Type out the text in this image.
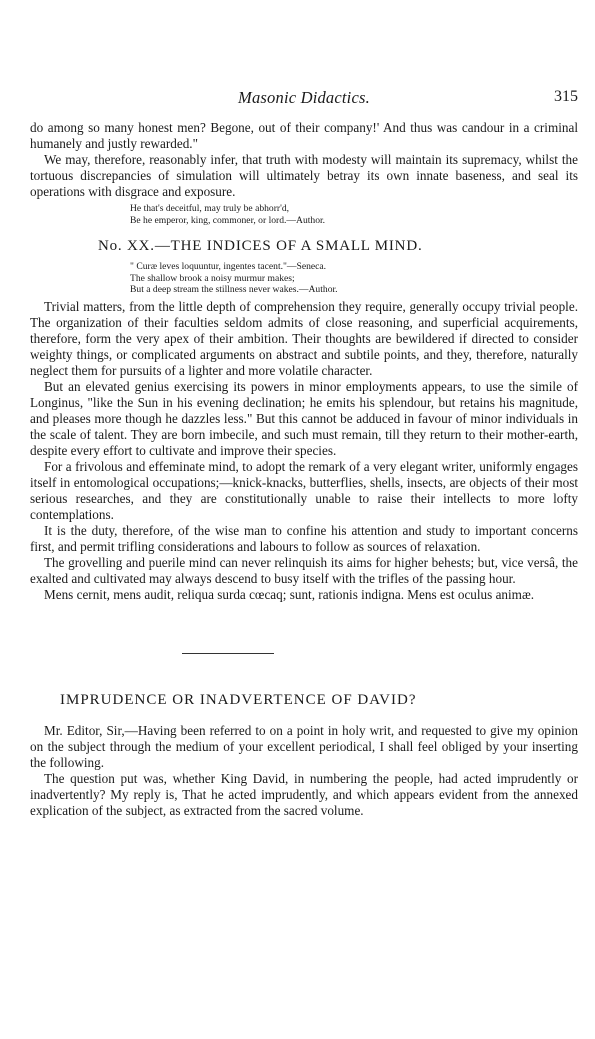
Masonic Didactics.	315

do among so many honest men? Begone, out of their company!' And thus was candour in a criminal humanely and justly rewarded."

We may, therefore, reasonably infer, that truth with modesty will maintain its supremacy, whilst the tortuous discrepancies of simulation will ultimately betray its own innate baseness, and seal its operations with disgrace and exposure.

He that's deceitful, may truly be abhorr'd,
Be he emperor, king, commoner, or lord.—Author.
No. XX.—THE INDICES OF A SMALL MIND.
" Curæ leves loquuntur, ingentes tacent."—Seneca.
The shallow brook a noisy murmur makes;
But a deep stream the stillness never wakes.—Author.

Trivial matters, from the little depth of comprehension they require, generally occupy trivial people. The organization of their faculties seldom admits of close reasoning, and superficial acquirements, therefore, form the very apex of their ambition. Their thoughts are bewildered if directed to consider weighty things, or complicated arguments on abstract and subtile points, and they, therefore, naturally neglect them for pursuits of a lighter and more volatile character.

But an elevated genius exercising its powers in minor employments appears, to use the simile of Longinus, "like the Sun in his evening declination; he emits his splendour, but retains his magnitude, and pleases more though he dazzles less." But this cannot be adduced in favour of minor individuals in the scale of talent. They are born imbecile, and such must remain, till they return to their mother-earth, despite every effort to cultivate and improve their species.

For a frivolous and effeminate mind, to adopt the remark of a very elegant writer, uniformly engages itself in entomological occupations;—knick-knacks, butterflies, shells, insects, are objects of their most serious researches, and they are constitutionally unable to raise their intellects to more lofty contemplations.

It is the duty, therefore, of the wise man to confine his attention and study to important concerns first, and permit trifling considerations and labours to follow as sources of relaxation.

The grovelling and puerile mind can never relinquish its aims for higher behests; but, vice versâ, the exalted and cultivated may always descend to busy itself with the trifles of the passing hour.

Mens cernit, mens audit, reliqua surda cœcaq; sunt, rationis indigna. Mens est oculus animæ.

IMPRUDENCE OR INADVERTENCE OF DAVID?

Mr. Editor, Sir,—Having been referred to on a point in holy writ, and requested to give my opinion on the subject through the medium of your excellent periodical, I shall feel obliged by your inserting the following.

The question put was, whether King David, in numbering the people, had acted imprudently or inadvertently? My reply is, That he acted imprudently, and which appears evident from the annexed explication of the subject, as extracted from the sacred volume.
